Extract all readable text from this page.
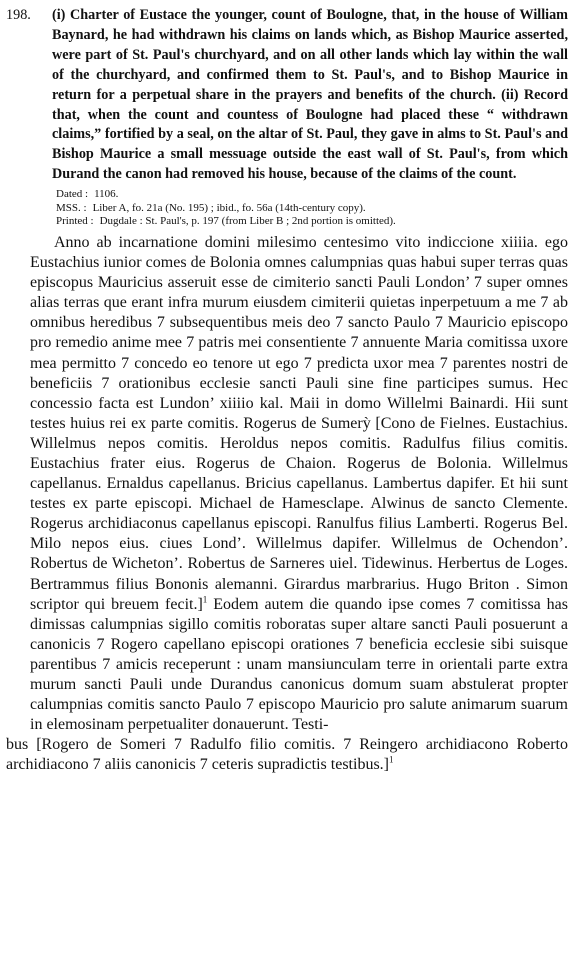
198. (i) Charter of Eustace the younger, count of Boulogne, that, in the house of William Baynard, he had withdrawn his claims on lands which, as Bishop Maurice asserted, were part of St. Paul's churchyard, and on all other lands which lay within the wall of the churchyard, and confirmed them to St. Paul's, and to Bishop Maurice in return for a perpetual share in the prayers and benefits of the church. (ii) Record that, when the count and countess of Boulogne had placed these “ withdrawn claims,” fortified by a seal, on the altar of St. Paul, they gave in alms to St. Paul's and Bishop Maurice a small messuage outside the east wall of St. Paul's, from which Durand the canon had removed his house, because of the claims of the count.
Dated : 1106.
MSS. : Liber A, fo. 21a (No. 195) ; ibid., fo. 56a (14th-century copy).
Printed : Dugdale : St. Paul's, p. 197 (from Liber B ; 2nd portion is omitted).

Anno ab incarnatione domini milesimo centesimo vito indiccione xiiiia. ego Eustachius iunior comes de Bolonia omnes calumpnias quas habui super terras quas episcopus Mauricius asseruit esse de cimiterio sancti Pauli London’ 7 super omnes alias terras que erant infra murum eiusdem cimiterii quietas inperpetuum a me 7 ab omnibus heredibus 7 subsequentibus meis deo 7 sancto Paulo 7 Mauricio episcopo pro remedio anime mee 7 patris mei consentiente 7 annuente Maria comitissa uxore mea permitto 7 concedo eo tenore ut ego 7 predicta uxor mea 7 parentes nostri de beneficiis 7 orationibus ecclesie sancti Pauli sine fine participes sumus. Hec concessio facta est Lundon’ xiiiio kal. Maii in domo Willelmi Bainardi. Hii sunt testes huius rei ex parte comitis. Rogerus de Sumerỳ [Cono de Fielnes. Eustachius. Willelmus nepos comitis. Heroldus nepos comitis. Radulfus filius comitis. Eustachius frater eius. Rogerus de Chaion. Rogerus de Bolonia. Willelmus capellanus. Ernaldus capellanus. Bricius capellanus. Lambertus dapifer. Et hii sunt testes ex parte episcopi. Michael de Hamesclape. Alwinus de sancto Clemente. Rogerus archidiaconus capellanus episcopi. Ranulfus filius Lamberti. Rogerus Bel. Milo nepos eius. ciues Lond’. Willelmus dapifer. Willelmus de Ochendon’. Robertus de Wicheton’. Robertus de Sarneres uiel. Tidewinus. Herbertus de Loges. Bertrammus filius Bononis alemanni. Girardus marbrarius. Hugo Briton . Simon scriptor qui breuem fecit.]$^1$ Eodem autem die quando ipse comes 7 comitissa has dimissas calumpnias sigillo comitis roboratas super altare sancti Pauli posuerunt a canonicis 7 Rogero capellano episcopi orationes 7 beneficia ecclesie sibi suisque parentibus 7 amicis receperunt : unam mansiunculam terre in orientali parte extra murum sancti Pauli unde Durandus canonicus domum suam abstulerat propter calumpnias comitis sancto Paulo 7 episcopo Mauricio pro salute animarum suarum in elemosinam perpetualiter donauerunt. Testi-

bus [Rogero de Someri 7 Radulfo filio comitis. 7 Reingero archidiacono Roberto archidiacono 7 aliis canonicis 7 ceteris supradictis testibus.]$^1$
